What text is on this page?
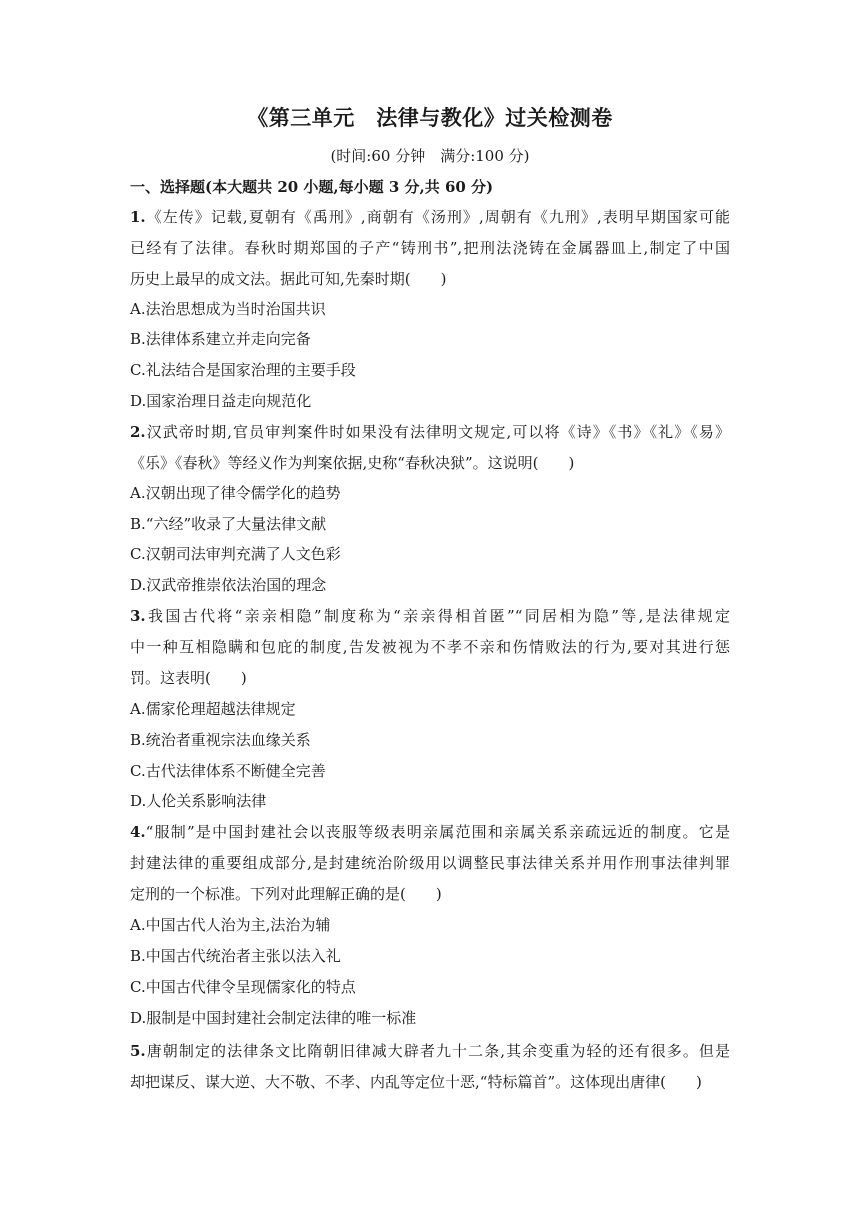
《第三单元　法律与教化》过关检测卷
(时间:60 分钟　满分:100 分)
一、选择题(本大题共 20 小题,每小题 3 分,共 60 分)
1.《左传》记载,夏朝有《禹刑》,商朝有《汤刑》,周朝有《九刑》,表明早期国家可能
已经有了法律。春秋时期郑国的子产“铸刑书”,把刑法浇铸在金属器皿上,制定了中国
历史上最早的成文法。据此可知,先秦时期(　　)
A.法治思想成为当时治国共识
B.法律体系建立并走向完备
C.礼法结合是国家治理的主要手段
D.国家治理日益走向规范化
2.汉武帝时期,官员审判案件时如果没有法律明文规定,可以将《诗》《书》《礼》《易》
《乐》《春秋》等经义作为判案依据,史称“春秋决狱”。这说明(　　)
A.汉朝出现了律令儒学化的趋势
B.“六经”收录了大量法律文献
C.汉朝司法审判充满了人文色彩
D.汉武帝推崇依法治国的理念
3.我国古代将“亲亲相隐”制度称为“亲亲得相首匿”“同居相为隐”等,是法律规定
中一种互相隐瞒和包庇的制度,告发被视为不孝不亲和伤情败法的行为,要对其进行惩
罚。这表明(　　)
A.儒家伦理超越法律规定
B.统治者重视宗法血缘关系
C.古代法律体系不断健全完善
D.人伦关系影响法律
4.“服制”是中国封建社会以丧服等级表明亲属范围和亲属关系亲疏远近的制度。它是
封建法律的重要组成部分,是封建统治阶级用以调整民事法律关系并用作刑事法律判罪
定刑的一个标准。下列对此理解正确的是(　　)
A.中国古代人治为主,法治为辅
B.中国古代统治者主张以法入礼
C.中国古代律令呈现儒家化的特点
D.服制是中国封建社会制定法律的唯一标准
5.唐朝制定的法律条文比隋朝旧律减大辟者九十二条,其余变重为轻的还有很多。但是
却把谋反、谋大逆、大不敬、不孝、内乱等定位十恶,“特标篇首”。这体现出唐律(　　)
